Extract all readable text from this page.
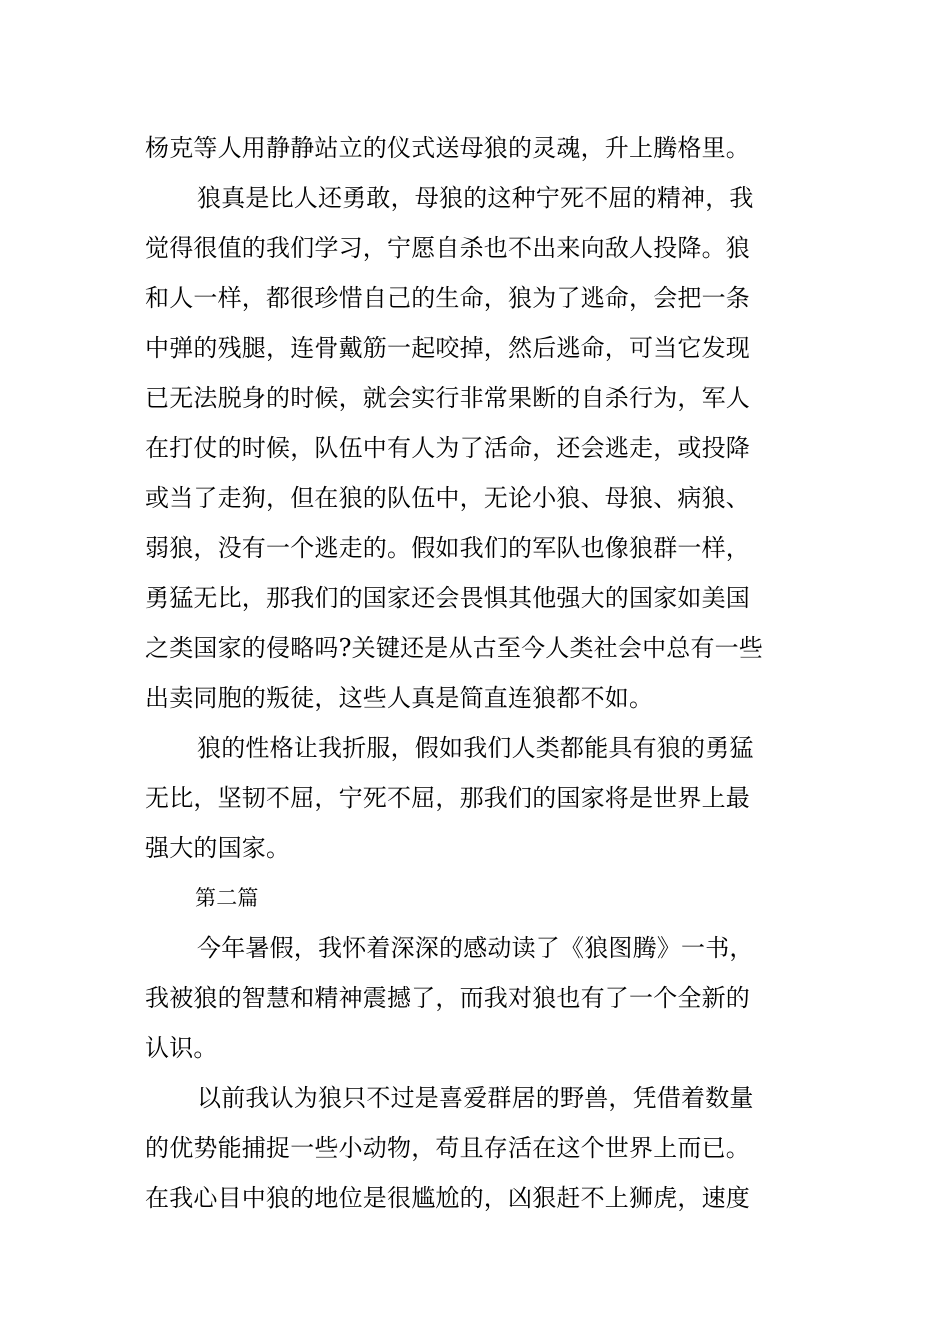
杨克等人用静静站立的仪式送母狼的灵魂，升上腾格里。
狼真是比人还勇敢，母狼的这种宁死不屈的精神，我
觉得很值的我们学习，宁愿自杀也不出来向敌人投降。狼
和人一样，都很珍惜自己的生命，狼为了逃命，会把一条
中弹的残腿，连骨戴筋一起咬掉，然后逃命，可当它发现
已无法脱身的时候，就会实行非常果断的自杀行为，军人
在打仗的时候，队伍中有人为了活命，还会逃走，或投降
或当了走狗，但在狼的队伍中，无论小狼、母狼、病狼、
弱狼，没有一个逃走的。假如我们的军队也像狼群一样，
勇猛无比，那我们的国家还会畏惧其他强大的国家如美国
之类国家的侵略吗?关键还是从古至今人类社会中总有一些
出卖同胞的叛徒，这些人真是简直连狼都不如。
狼的性格让我折服，假如我们人类都能具有狼的勇猛
无比，坚韧不屈，宁死不屈，那我们的国家将是世界上最
强大的国家。
第二篇
今年暑假，我怀着深深的感动读了《狼图腾》一书，
我被狼的智慧和精神震撼了，而我对狼也有了一个全新的
认识。
以前我认为狼只不过是喜爱群居的野兽，凭借着数量
的优势能捕捉一些小动物，苟且存活在这个世界上而已。
在我心目中狼的地位是很尴尬的，凶狠赶不上狮虎，速度
